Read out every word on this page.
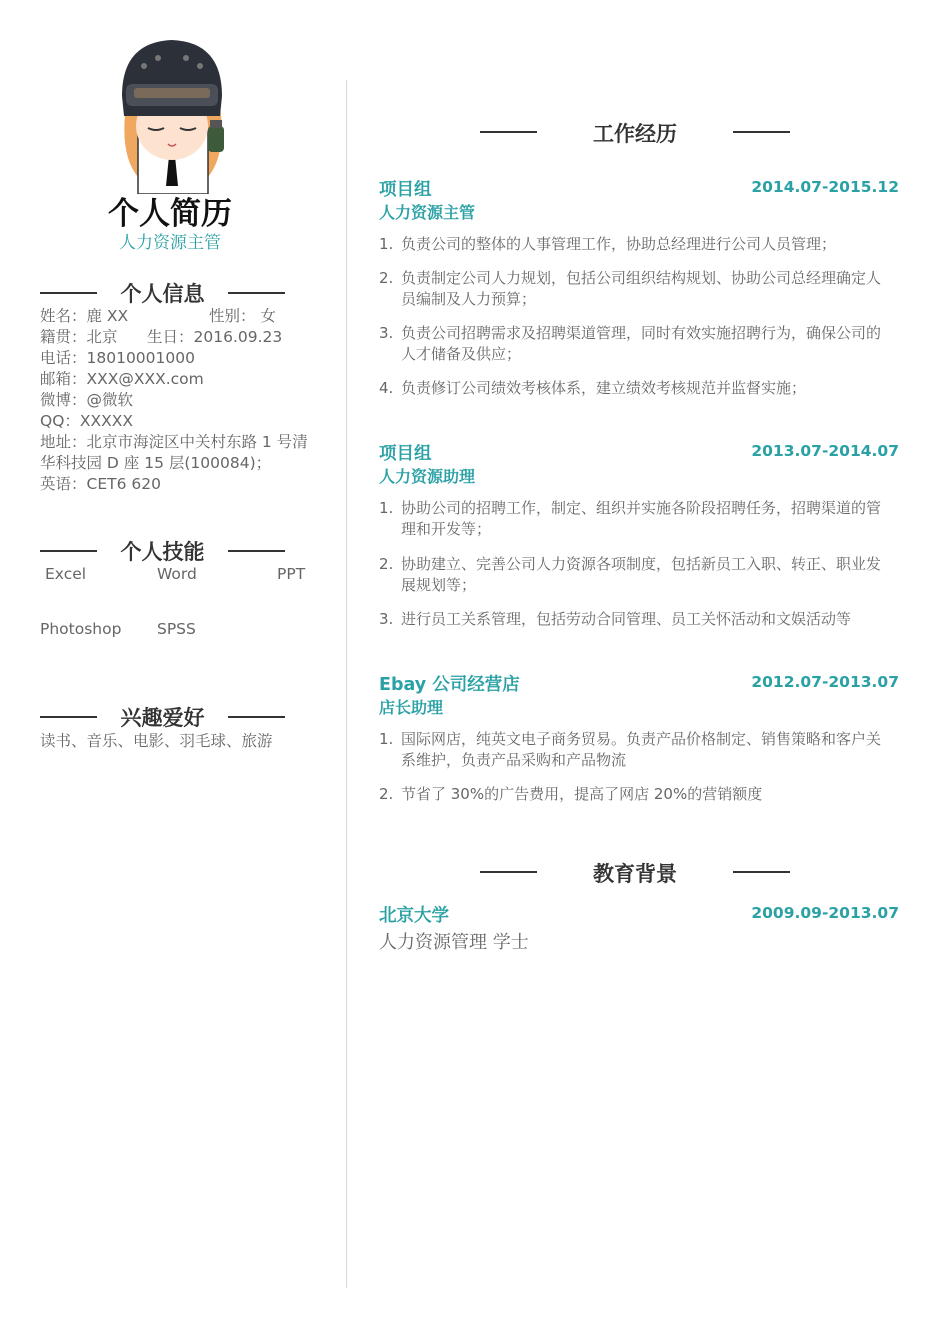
个人简历
人力资源主管
个人信息
姓名：鹿 XX	性别： 女
籍贯：北京 生日：2016.09.23
电话：18010001000
邮箱：XXX@XXX.com
微博：@微软
QQ：XXXXX
地址：北京市海淀区中关村东路 1 号清
华科技园 D 座 15 层(100084)；
英语：CET6 620
个人技能
Excel	Word	PPT
Photoshop SPSS
兴趣爱好
读书、音乐、电影、羽毛球、旅游
工作经历
项目组	2014.07-2015.12
人力资源主管
1. 负责公司的整体的人事管理工作，协助总经理进行公司人员管理；
2. 负责制定公司人力规划，包括公司组织结构规划、协助公司总经理确定人员编制及人力预算；
3. 负责公司招聘需求及招聘渠道管理，同时有效实施招聘行为，确保公司的人才储备及供应；
4. 负责修订公司绩效考核体系，建立绩效考核规范并监督实施；
项目组	2013.07-2014.07
人力资源助理
1. 协助公司的招聘工作，制定、组织并实施各阶段招聘任务，招聘渠道的管理和开发等；
2. 协助建立、完善公司人力资源各项制度，包括新员工入职、转正、职业发展规划等；
3. 进行员工关系管理，包括劳动合同管理、员工关怀活动和文娱活动等
Ebay 公司经营店	2012.07-2013.07
店长助理
1. 国际网店，纯英文电子商务贸易。负责产品价格制定、销售策略和客户关系维护，负责产品采购和产品物流
2. 节省了 30%的广告费用，提高了网店 20%的营销额度
教育背景
北京大学	2009.09-2013.07
人力资源管理 学士
